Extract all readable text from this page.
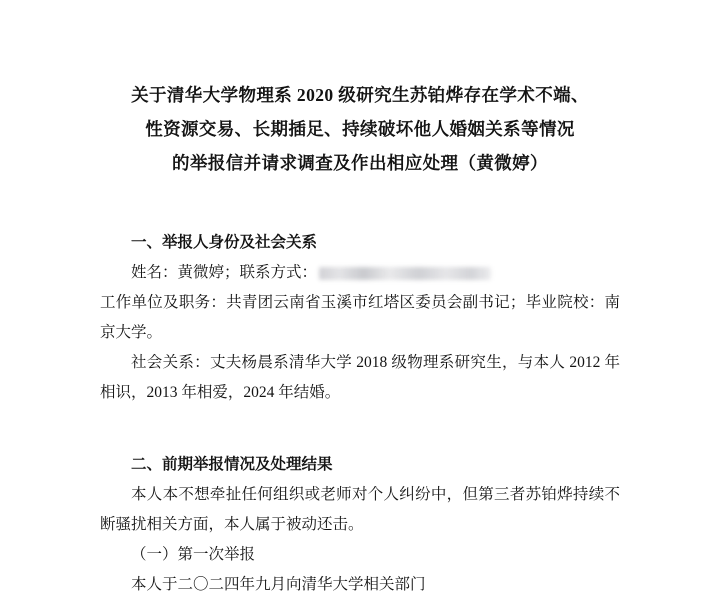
关于清华大学物理系 2020 级研究生苏铂烨存在学术不端、
性资源交易、长期插足、持续破坏他人婚姻关系等情况
的举报信并请求调查及作出相应处理（黄微婷）
一、举报人身份及社会关系
姓名：黄微婷；联系方式：
工作单位及职务：共青团云南省玉溪市红塔区委员会副书记；毕业院校：南京大学。
社会关系：丈夫杨晨系清华大学 2018 级物理系研究生，与本人 2012 年相识，2013 年相爱，2024 年结婚。
二、前期举报情况及处理结果
本人本不想牵扯任何组织或老师对个人纠纷中，但第三者苏铂烨持续不断骚扰相关方面，本人属于被动还击。
（一）第一次举报
本人于二〇二四年九月向清华大学相关部门
